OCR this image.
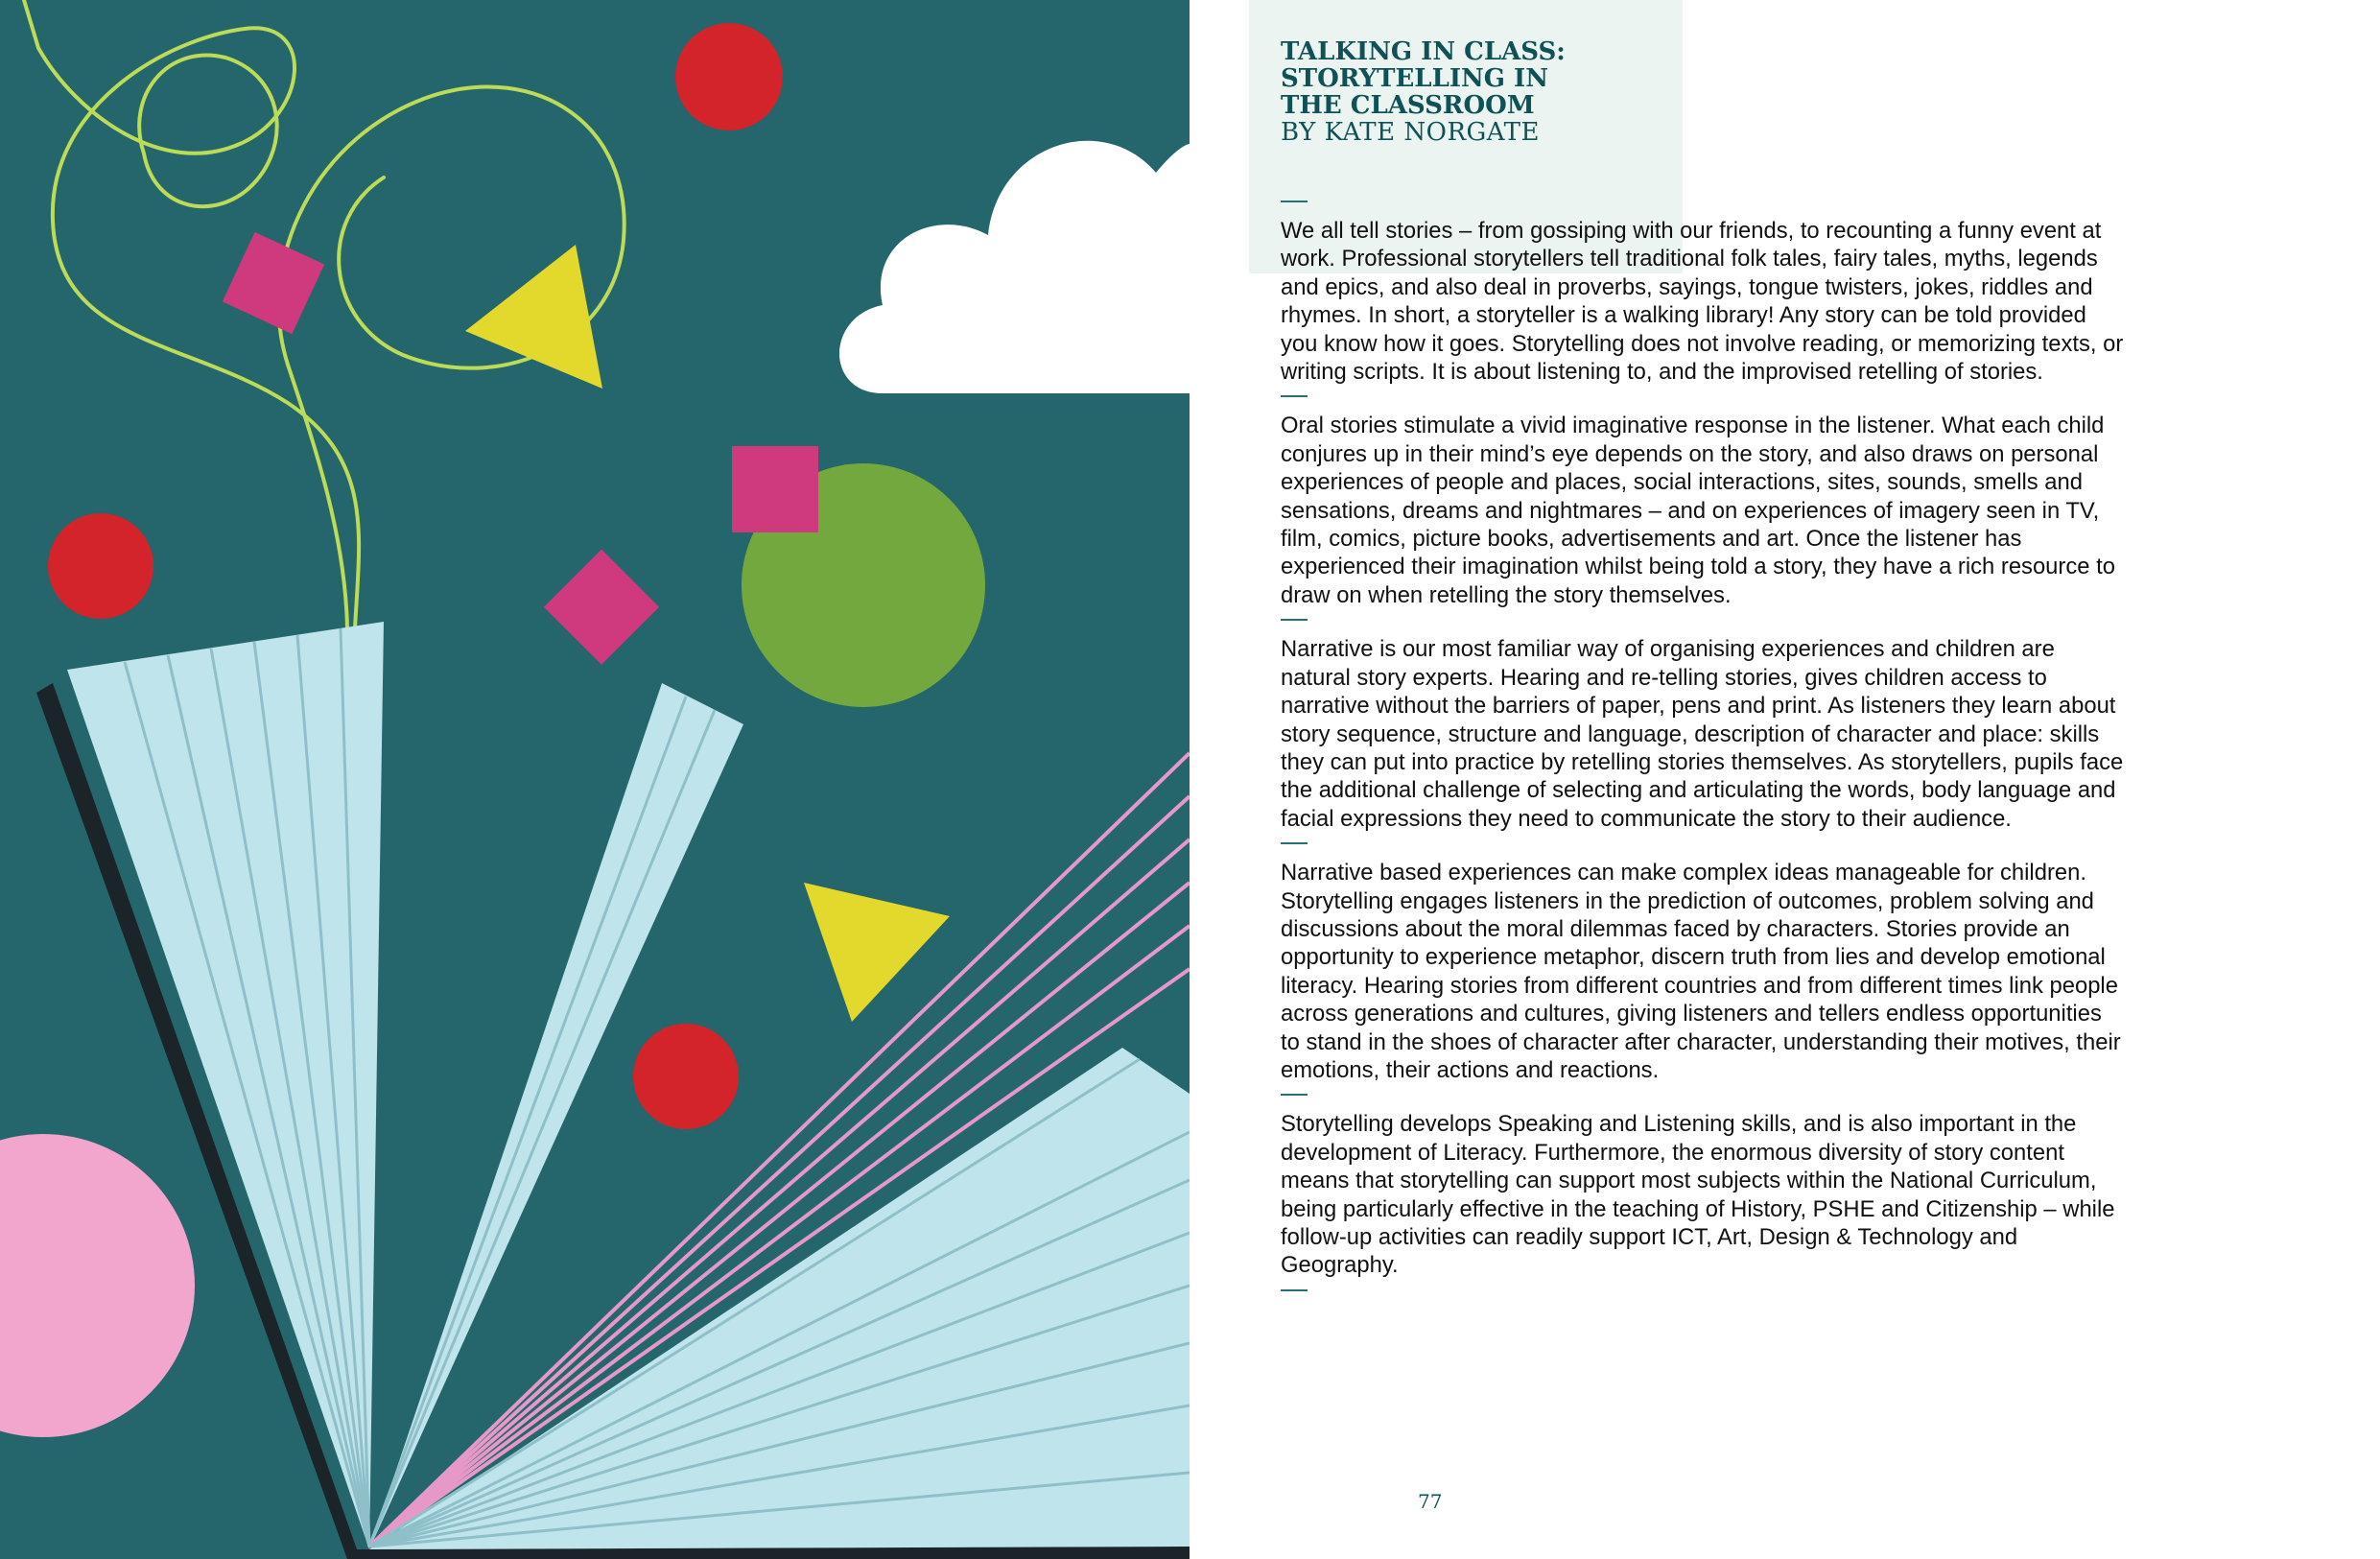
TALKING IN CLASS:
STORYTELLING IN
THE CLASSROOM
BY KATE NORGATE

We all tell stories – from gossiping with our friends, to recounting a funny event at work. Professional storytellers tell traditional folk tales, fairy tales, myths, legends and epics, and also deal in proverbs, sayings, tongue twisters, jokes, riddles and rhymes. In short, a storyteller is a walking library! Any story can be told provided you know how it goes. Storytelling does not involve reading, or memorizing texts, or writing scripts. It is about listening to, and the improvised retelling of stories.

Oral stories stimulate a vivid imaginative response in the listener. What each child conjures up in their mind’s eye depends on the story, and also draws on personal experiences of people and places, social interactions, sites, sounds, smells and sensations, dreams and nightmares – and on experiences of imagery seen in TV, film, comics, picture books, advertisements and art. Once the listener has experienced their imagination whilst being told a story, they have a rich resource to draw on when retelling the story themselves.

Narrative is our most familiar way of organising experiences and children are natural story experts. Hearing and re-telling stories, gives children access to narrative without the barriers of paper, pens and print. As listeners they learn about story sequence, structure and language, description of character and place: skills they can put into practice by retelling stories themselves. As storytellers, pupils face the additional challenge of selecting and articulating the words, body language and facial expressions they need to communicate the story to their audience.

Narrative based experiences can make complex ideas manageable for children. Storytelling engages listeners in the prediction of outcomes, problem solving and discussions about the moral dilemmas faced by characters. Stories provide an opportunity to experience metaphor, discern truth from lies and develop emotional literacy. Hearing stories from different countries and from different times link people across generations and cultures, giving listeners and tellers endless opportunities to stand in the shoes of character after character, understanding their motives, their emotions, their actions and reactions.

Storytelling develops Speaking and Listening skills, and is also important in the development of Literacy. Furthermore, the enormous diversity of story content means that storytelling can support most subjects within the National Curriculum, being particularly effective in the teaching of History, PSHE and Citizenship – while follow-up activities can readily support ICT, Art, Design & Technology and Geography.

77
